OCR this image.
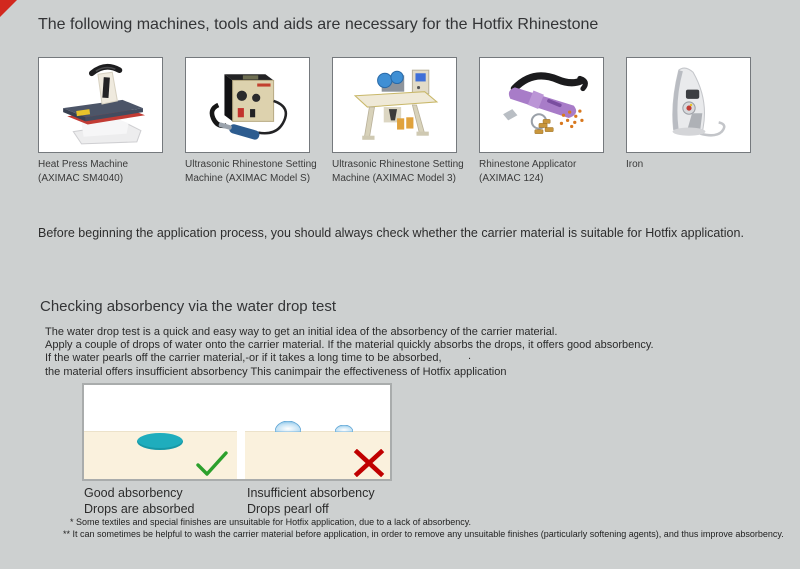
The following machines, tools and aids are necessary for the Hotfix Rhinestone
Heat Press Machine
(AXIMAC SM4040)
Ultrasonic Rhinestone Setting
Machine (AXIMAC Model S)
Ultrasonic Rhinestone Setting
Machine (AXIMAC Model 3)
Rhinestone Applicator
(AXIMAC 124)
Iron
Before beginning the application process, you should always check whether the carrier material is suitable for Hotfix application.
Checking absorbency via the water drop test
The water drop test is a quick and easy way to get an initial idea of the absorbency of the carrier material.
Apply a couple of drops of water onto the carrier material. If the material quickly absorbs the drops, it offers good absorbency.
If the water pearls off the carrier material,-or if it takes a long time to be absorbed,
the material offers insufficient absorbency This canimpair the effectiveness of Hotfix application
.
Good absorbency
Drops are absorbed
Insufficient absorbency
Drops pearl off
* Some textiles and special finishes are unsuitable for Hotfix application, due to a lack of absorbency.
** It can sometimes be helpful to wash the carrier material before application, in order to remove any unsuitable finishes (particularly softening agents), and thus improve absorbency.
